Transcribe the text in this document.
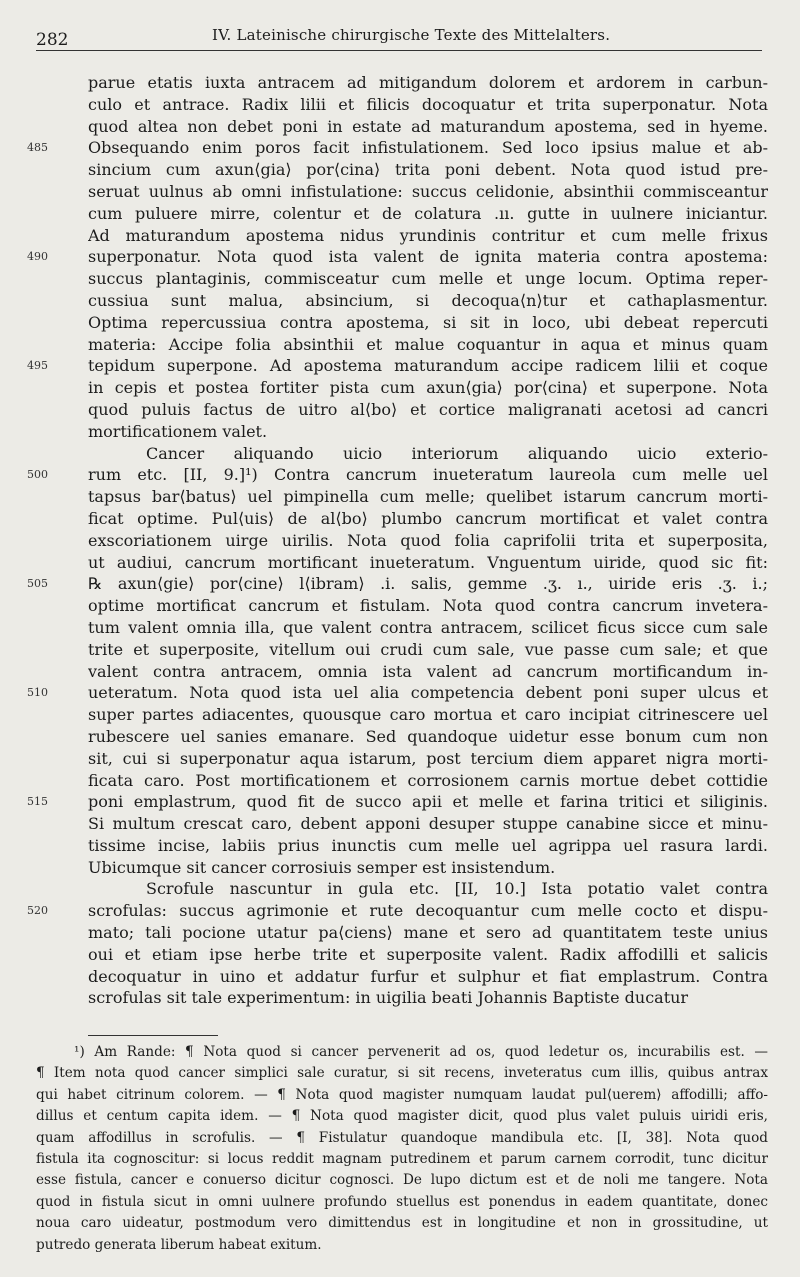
282	IV. Lateinische chirurgische Texte des Mittelalters.
parue etatis iuxta antracem ad mitigandum dolorem et ardorem in carbun-
culo et antrace. Radix lilii et filicis docoquatur et trita superponatur. Nota
quod altea non debet poni in estate ad maturandum apostema, sed in hyeme.
Obsequando enim poros facit infistulationem. Sed loco ipsius malue et ab-
sincium cum axun⟨gia⟩ por⟨cina⟩ trita poni debent. Nota quod istud pre-
seruat uulnus ab omni infistulatione: succus celidonie, absinthii commisceantur
cum puluere mirre, colentur et de colatura .ıı. gutte in uulnere iniciantur.
Ad maturandum apostema nidus yrundinis contritur et cum melle frixus
superponatur. Nota quod ista valent de ignita materia contra apostema:
succus plantaginis, commisceatur cum melle et unge locum. Optima reper-
cussiua sunt malua, absincium, si decoqua⟨n⟩tur et cathaplasmentur.
Optima repercussiua contra apostema, si sit in loco, ubi debeat repercuti
materia: Accipe folia absinthii et malue coquantur in aqua et minus quam
tepidum superpone. Ad apostema maturandum accipe radicem lilii et coque
in cepis et postea fortiter pista cum axun⟨gia⟩ por⟨cina⟩ et superpone. Nota
quod puluis factus de uitro al⟨bo⟩ et cortice maligranati acetosi ad cancri
mortificationem valet.
Cancer aliquando uicio interiorum aliquando uicio exterio-
rum etc. [II, 9.]¹) Contra cancrum inueteratum laureola cum melle uel
tapsus bar⟨batus⟩ uel pimpinella cum melle; quelibet istarum cancrum morti-
ficat optime. Pul⟨uis⟩ de al⟨bo⟩ plumbo cancrum mortificat et valet contra
exscoriationem uirge uirilis. Nota quod folia caprifolii trita et superposita,
ut audiui, cancrum mortificant inueteratum. Vnguentum uiride, quod sic fit:
℞ axun⟨gie⟩ por⟨cine⟩ l⟨ibram⟩ .i. salis, gemme .ʒ. ı., uiride eris .ʒ. i.;
optime mortificat cancrum et fistulam. Nota quod contra cancrum invetera-
tum valent omnia illa, que valent contra antracem, scilicet ficus sicce cum sale
trite et superposite, vitellum oui crudi cum sale, vue passe cum sale; et que
valent contra antracem, omnia ista valent ad cancrum mortificandum in-
ueteratum. Nota quod ista uel alia competencia debent poni super ulcus et
super partes adiacentes, quousque caro mortua et caro incipiat citrinescere uel
rubescere uel sanies emanare. Sed quandoque uidetur esse bonum cum non
sit, cui si superponatur aqua istarum, post tercium diem apparet nigra morti-
ficata caro. Post mortificationem et corrosionem carnis mortue debet cottidie
poni emplastrum, quod fit de succo apii et melle et farina tritici et siliginis.
Si multum crescat caro, debent apponi desuper stuppe canabine sicce et minu-
tissime incise, labiis prius inunctis cum melle uel agrippa uel rasura lardi.
Ubicumque sit cancer corrosiuis semper est insistendum.
Scrofule nascuntur in gula etc. [II, 10.] Ista potatio valet contra
scrofulas: succus agrimonie et rute decoquantur cum melle cocto et dispu-
mato; tali pocione utatur pa⟨ciens⟩ mane et sero ad quantitatem teste unius
oui et etiam ipse herbe trite et superposite valent. Radix affodilli et salicis
decoquatur in uino et addatur furfur et sulphur et fiat emplastrum. Contra
scrofulas sit tale experimentum: in uigilia beati Johannis Baptiste ducatur
¹) Am Rande: ¶ Nota quod si cancer pervenerit ad os, quod ledetur os, incurabilis est. —
¶ Item nota quod cancer simplici sale curatur, si sit recens, inveteratus cum illis, quibus antrax
qui habet citrinum colorem. — ¶ Nota quod magister numquam laudat pul⟨uerem⟩ affodilli; affo-
dillus et centum capita idem. — ¶ Nota quod magister dicit, quod plus valet puluis uiridi eris,
quam affodillus in scrofulis. — ¶ Fistulatur quandoque mandibula etc. [I, 38]. Nota quod
fistula ita cognoscitur: si locus reddit magnam putredinem et parum carnem corrodit, tunc dicitur
esse fistula, cancer e conuerso dicitur cognosci. De lupo dictum est et de noli me tangere. Nota
quod in fistula sicut in omni uulnere profundo stuellus est ponendus in eadem quantitate, donec
noua caro uideatur, postmodum vero dimittendus est in longitudine et non in grossitudine, ut
putredo generata liberum habeat exitum.
485
490
495
500
505
510
515
520
